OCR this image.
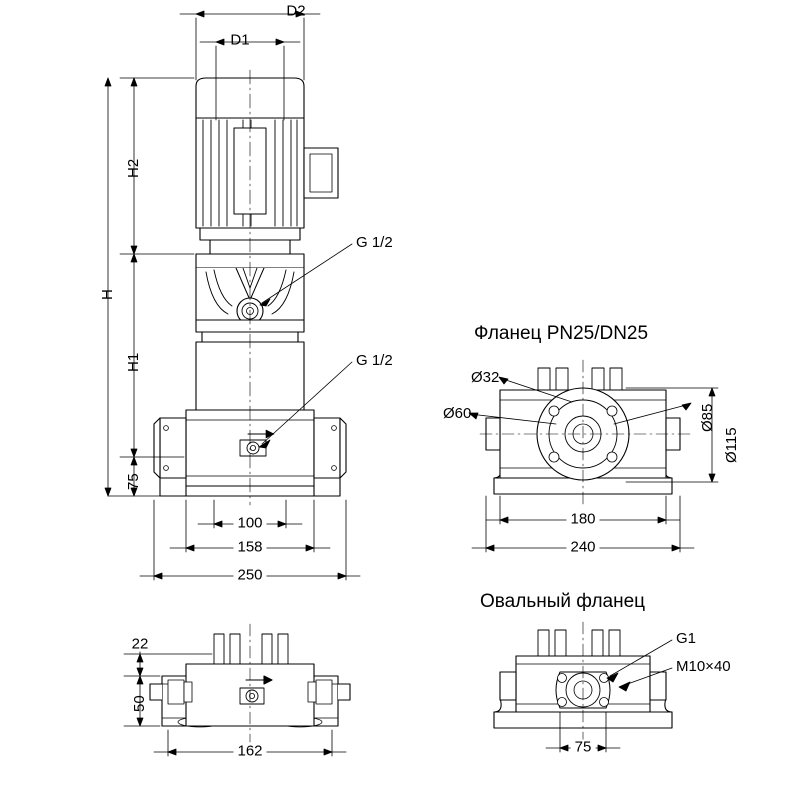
D2
D1
H2
H1
H
75
100
158
250
G 1/2
G 1/2
Фланец PN25/DN25
Ø32
Ø60	Ø85
Ø115
180
240
22
50
162
Овальный фланец
G1
M10×40
75
